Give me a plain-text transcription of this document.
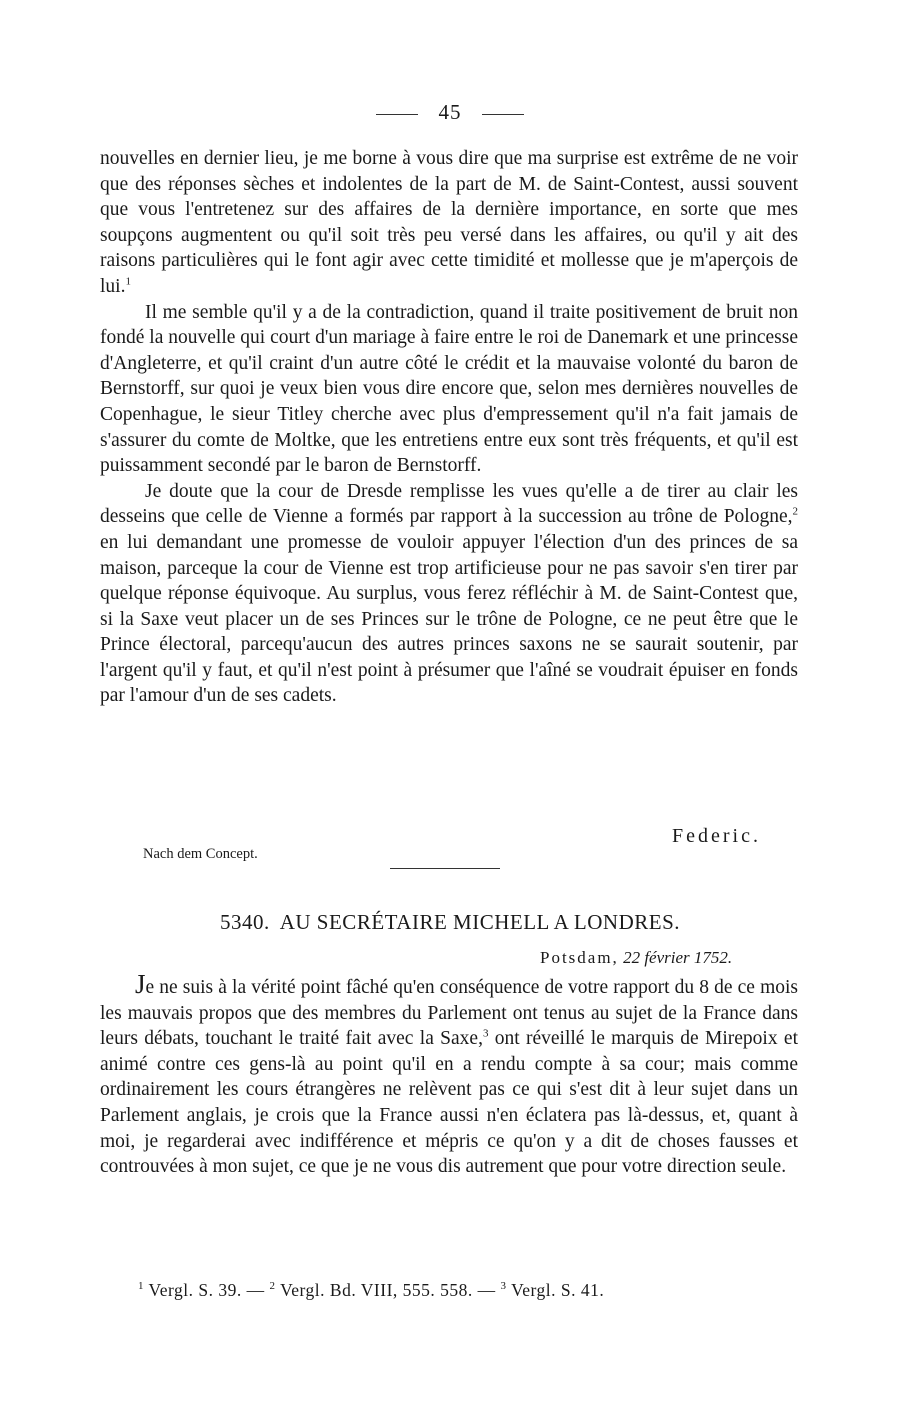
45

nouvelles en dernier lieu, je me borne à vous dire que ma surprise est extrême de ne voir que des réponses sèches et indolentes de la part de M. de Saint-Contest, aussi souvent que vous l'entretenez sur des affaires de la dernière importance, en sorte que mes soupçons augmentent ou qu'il soit très peu versé dans les affaires, ou qu'il y ait des raisons particulières qui le font agir avec cette timidité et mollesse que je m'aperçois de lui.$^1$

Il me semble qu'il y a de la contradiction, quand il traite positivement de bruit non fondé la nouvelle qui court d'un mariage à faire entre le roi de Danemark et une princesse d'Angleterre, et qu'il craint d'un autre côté le crédit et la mauvaise volonté du baron de Bernstorff, sur quoi je veux bien vous dire encore que, selon mes dernières nouvelles de Copenhague, le sieur Titley cherche avec plus d'empressement qu'il n'a fait jamais de s'assurer du comte de Moltke, que les entretiens entre eux sont très fréquents, et qu'il est puissamment secondé par le baron de Bernstorff.

Je doute que la cour de Dresde remplisse les vues qu'elle a de tirer au clair les desseins que celle de Vienne a formés par rapport à la succession au trône de Pologne,$^2$ en lui demandant une promesse de vouloir appuyer l'élection d'un des princes de sa maison, parceque la cour de Vienne est trop artificieuse pour ne pas savoir s'en tirer par quelque réponse équivoque. Au surplus, vous ferez réfléchir à M. de Saint-Contest que, si la Saxe veut placer un de ses Princes sur le trône de Pologne, ce ne peut être que le Prince électoral, parcequ'aucun des autres princes saxons ne se saurait soutenir, par l'argent qu'il y faut, et qu'il n'est point à présumer que l'aîné se voudrait épuiser en fonds par l'amour d'un de ses cadets.

Federic.
Nach dem Concept.
5340. AU SECRÉTAIRE MICHELL A LONDRES.
Potsdam, 22 février 1752.

Je ne suis à la vérité point fâché qu'en conséquence de votre rapport du 8 de ce mois les mauvais propos que des membres du Parlement ont tenus au sujet de la France dans leurs débats, touchant le traité fait avec la Saxe,$^3$ ont réveillé le marquis de Mirepoix et animé contre ces gens-là au point qu'il en a rendu compte à sa cour; mais comme ordinairement les cours étrangères ne relèvent pas ce qui s'est dit à leur sujet dans un Parlement anglais, je crois que la France aussi n'en éclatera pas là-dessus, et, quant à moi, je regarderai avec indifférence et mépris ce qu'on y a dit de choses fausses et controuvées à mon sujet, ce que je ne vous dis autrement que pour votre direction seule.

$^1$ Vergl. S. 39. — $^2$ Vergl. Bd. VIII, 555. 558. — $^3$ Vergl. S. 41.
